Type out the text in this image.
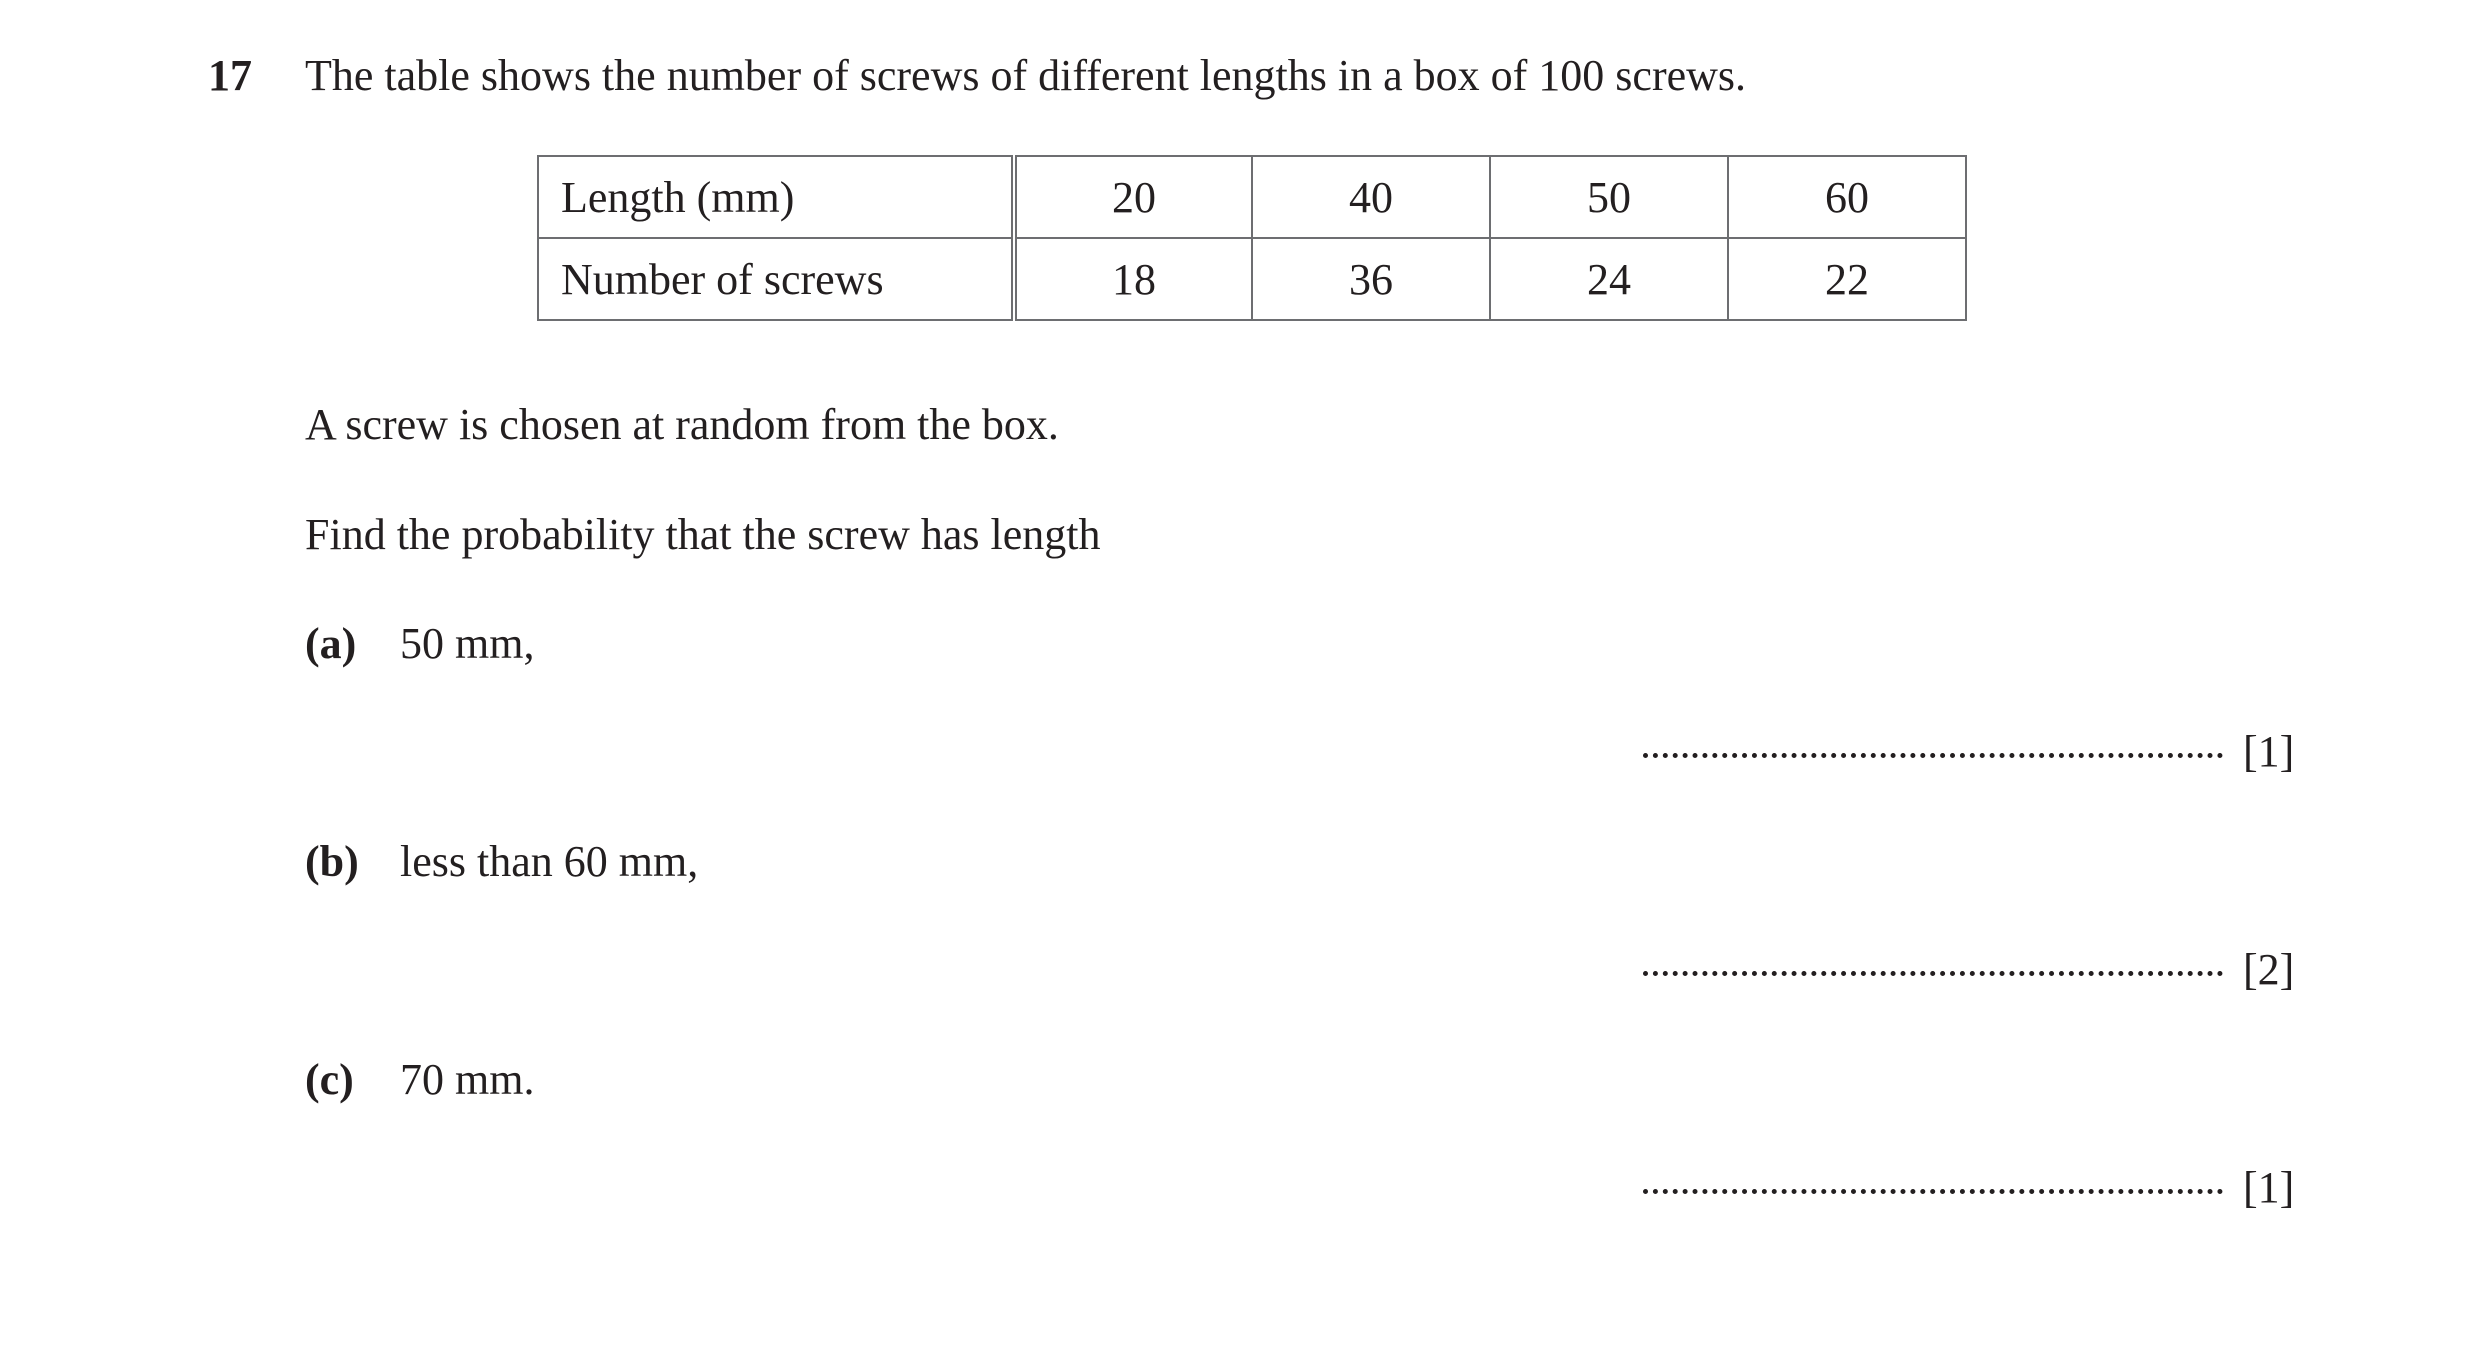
17 The table shows the number of screws of different lengths in a box of 100 screws.
Length (mm)	20	40	50	60
Number of screws	18	36	24	22
A screw is chosen at random from the box.
Find the probability that the screw has length
(a) 50 mm,
[1]
(b) less than 60 mm,
[2]
(c) 70 mm.
[1]
